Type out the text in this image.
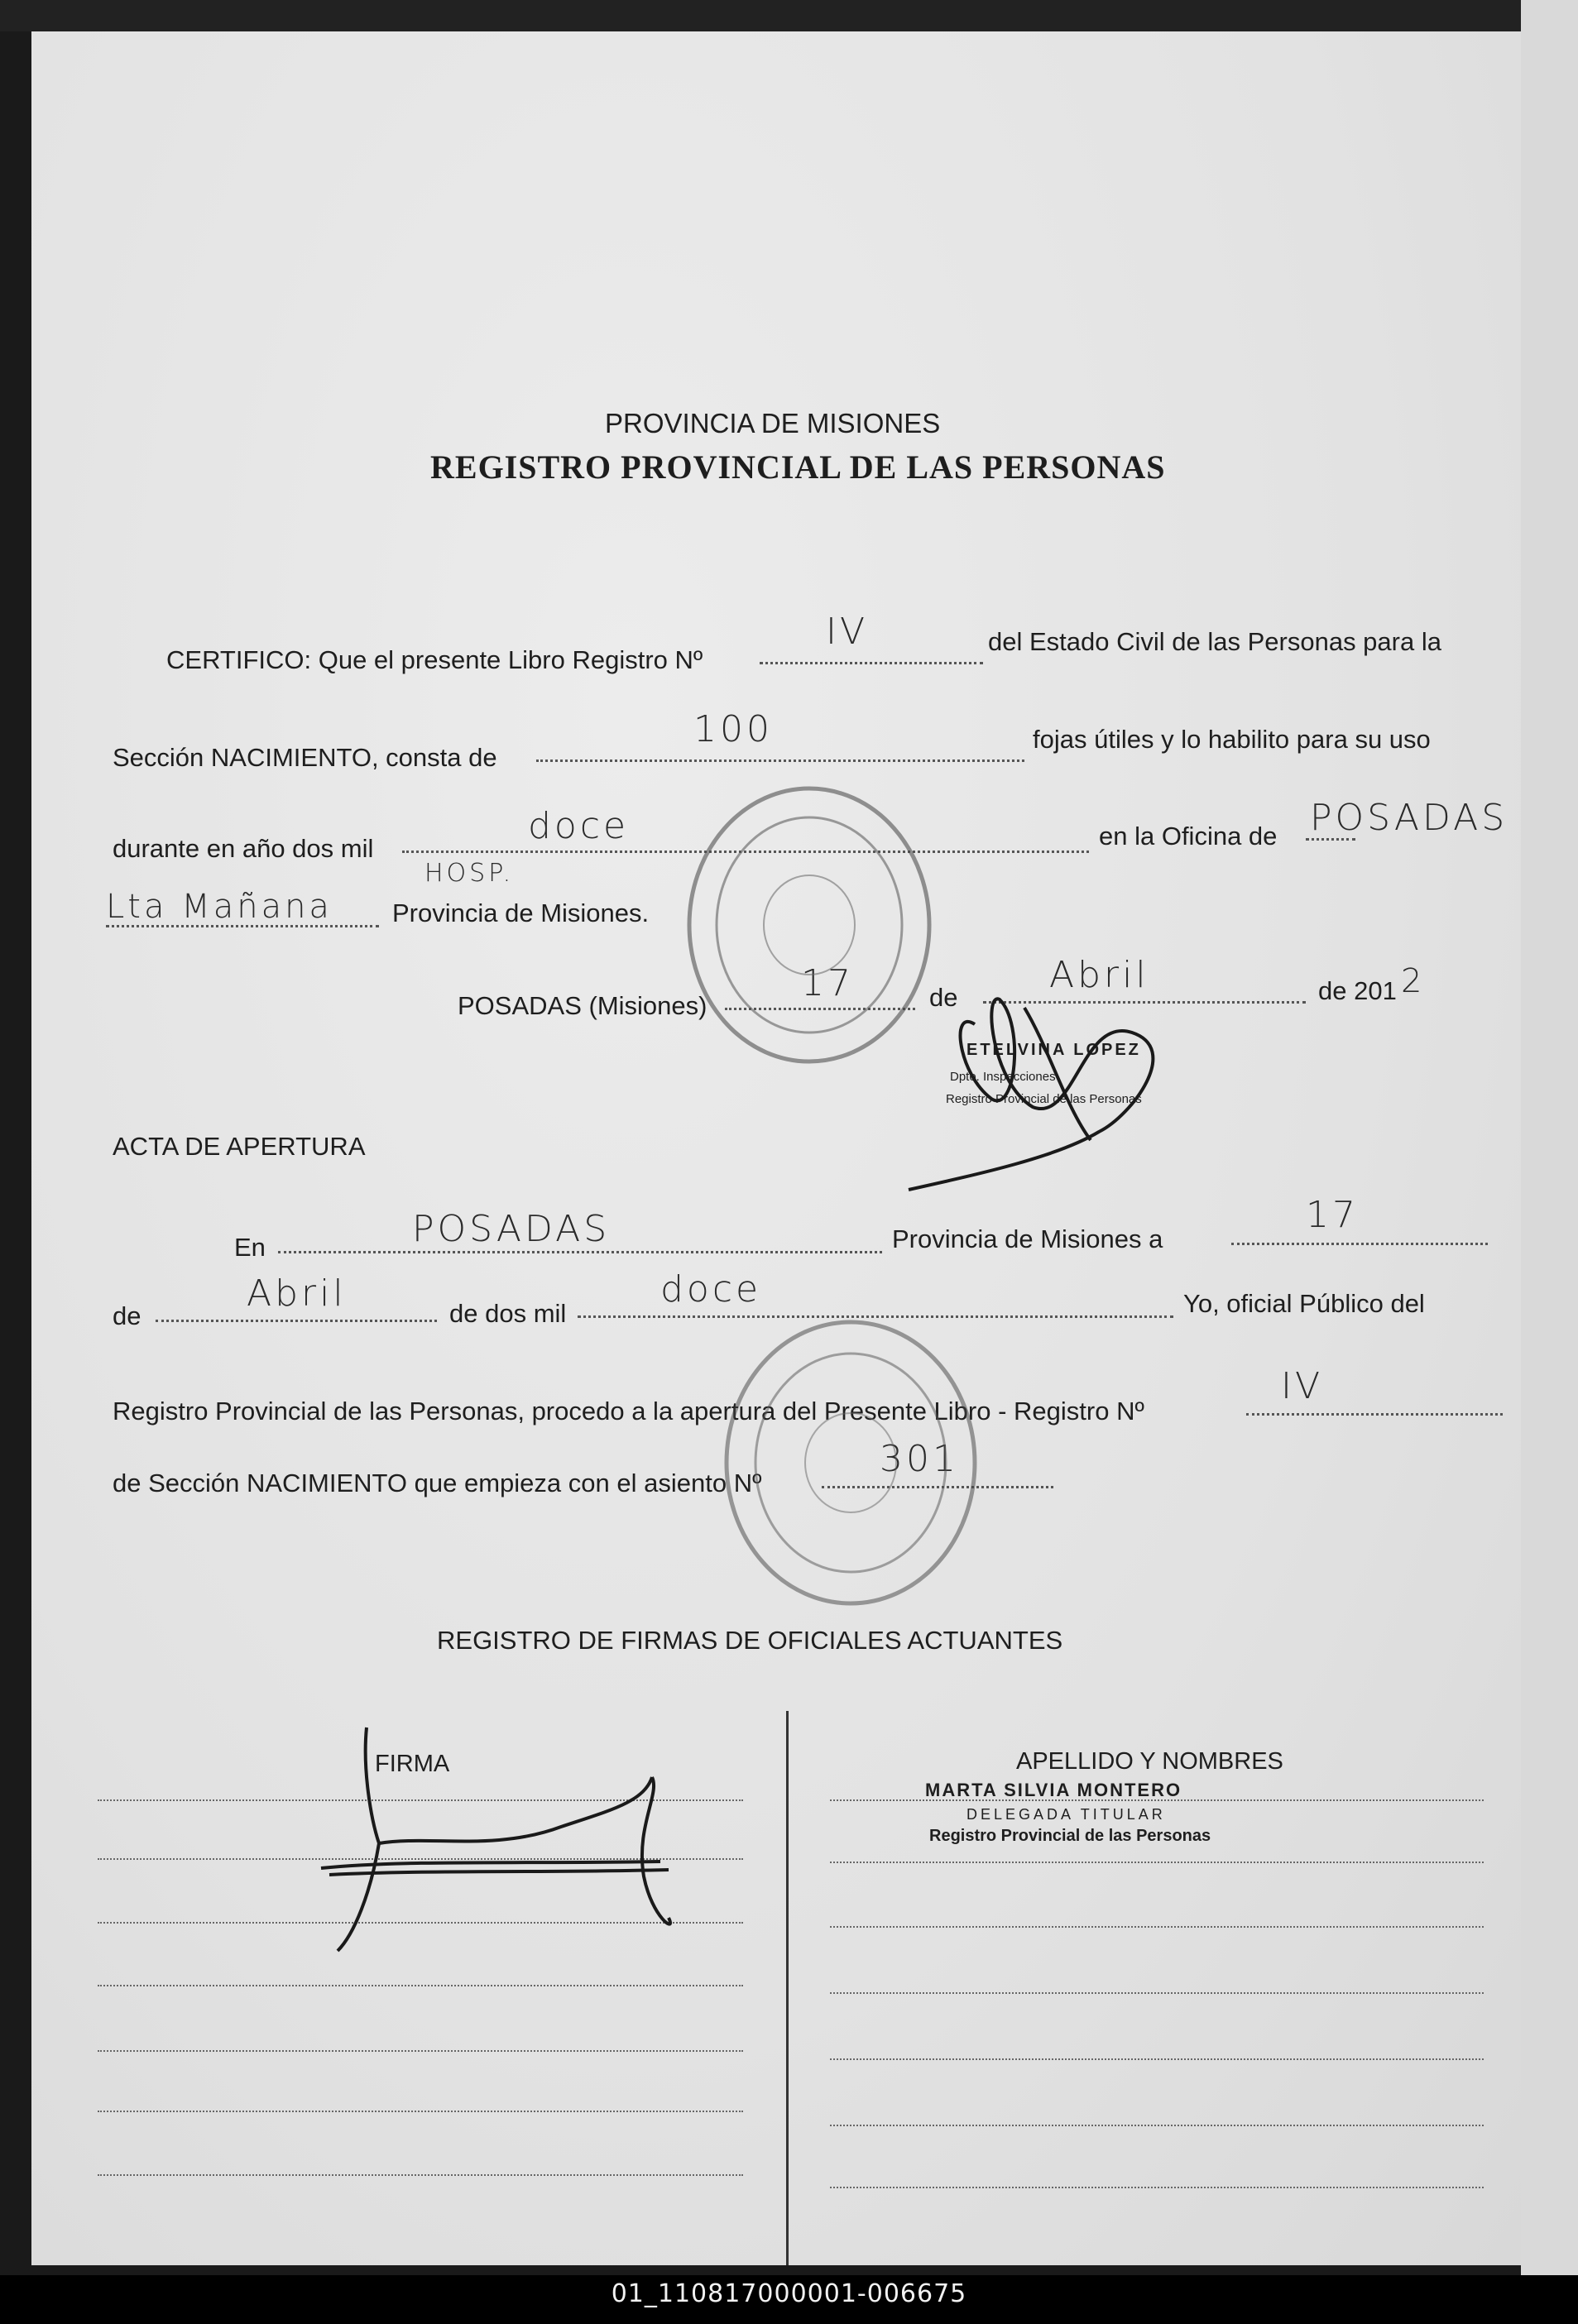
PROVINCIA DE MISIONES
REGISTRO PROVINCIAL DE LAS PERSONAS
CERTIFICO: Que el presente Libro Registro Nº
IV	del Estado Civil de las Personas para la
Sección NACIMIENTO, consta de
100	fojas útiles y lo habilito para su uso
durante en año dos mil
doce	en la Oficina de POSADAS
HOSP.
Lta Mañana Provincia de Misiones.
POSADAS (Misiones)
17	de
Abril	de 201 2
ACTA DE APERTURA
En	POSADAS	Provincia de Misiones a
17
de
Abril	de dos mil
doce	Yo, oficial Público del
Registro Provincial de las Personas, procedo a la apertura del Presente Libro - Registro Nº
IV
de Sección NACIMIENTO que empieza con el asiento Nº
301
REGISTRO DE FIRMAS DE OFICIALES ACTUANTES
FIRMA	APELLIDO Y NOMBRES
MARTA SILVIA MONTERO
DELEGADA TITULAR
Registro Provincial de las Personas
ETELVINA LOPEZ
Dpto. Inspecciones
Registro Provincial de las Personas
01_110817000001-006675
